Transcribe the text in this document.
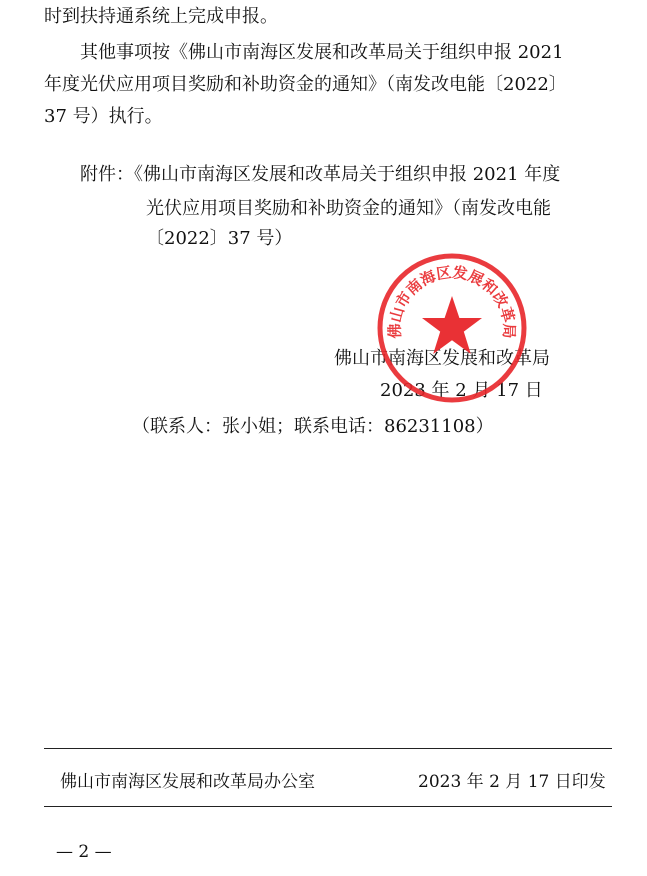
时到扶持通系统上完成申报。
其他事项按《佛山市南海区发展和改革局关于组织申报 2021
年度光伏应用项目奖励和补助资金的通知》（南发改电能〔2022〕
37 号）执行。
附件：《佛山市南海区发展和改革局关于组织申报 2021 年度
光伏应用项目奖励和补助资金的通知》（南发改电能
〔2022〕37 号）
佛山市南海区发展和改革局
2023 年 2 月 17 日
佛山市南海区发展和改革局
（联系人：张小姐；联系电话：86231108）
佛山市南海区发展和改革局办公室	2023 年 2 月 17 日印发
— 2 —
